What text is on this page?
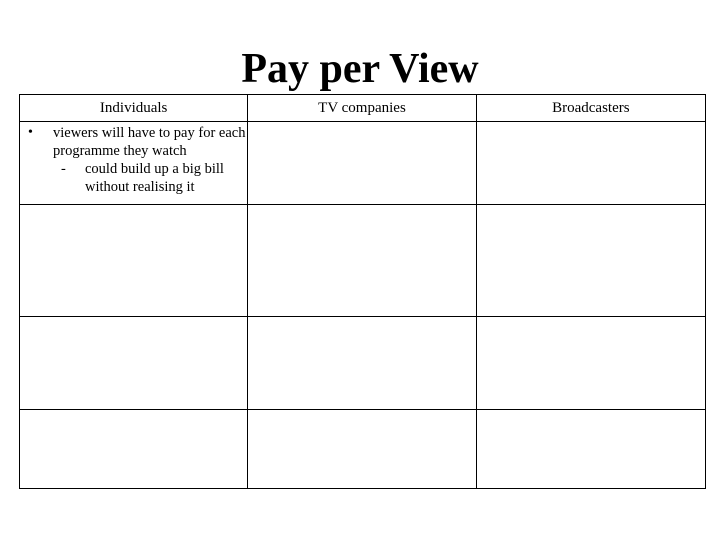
Pay per View
Individuals	TV companies	Broadcasters

• viewers will have to pay for each programme they watch
- could build up a big bill without realising it		
